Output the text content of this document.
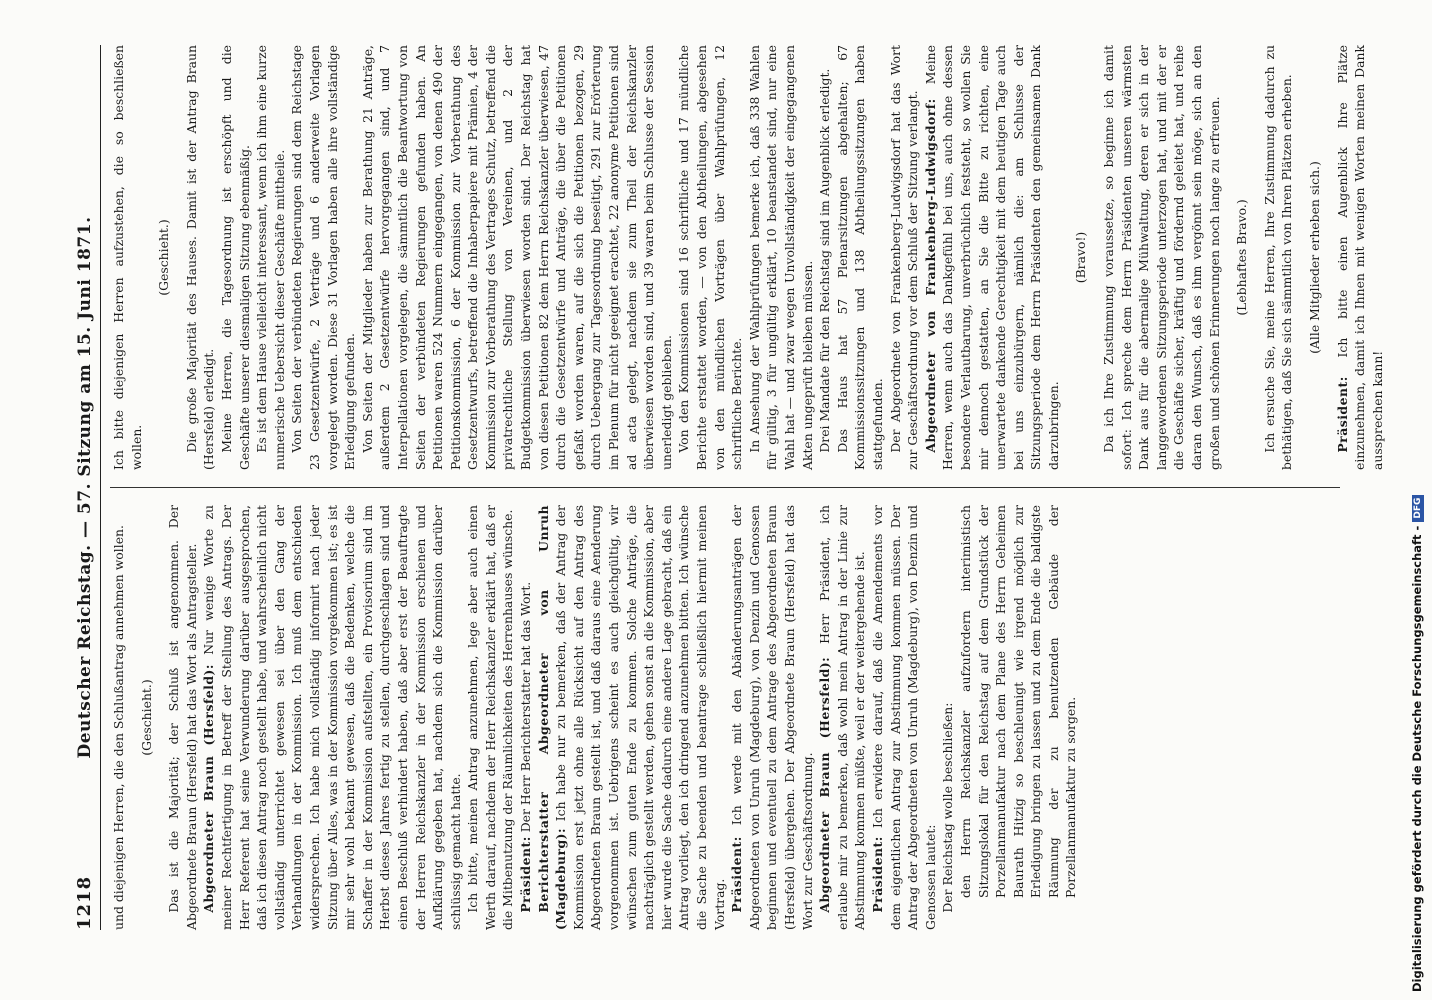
1218
Deutscher Reichstag. — 57. Sitzung am 15. Juni 1871. und diejenigen Herren, die den Schlußantrag annehmen wollen. (Geschieht.) Das ist die Majorität; der Schluß ist angenommen. Der Abgeordnete Braun (Hersfeld) hat das Wort als Antragsteller. Abgeordneter Braun (Hersfeld): Nur wenige Worte zu meiner Rechtfertigung in Betreff der Stellung des Antrags. Der Herr Referent hat seine Verwunderung darüber ausgesprochen, daß ich diesen Antrag noch gestellt habe, und wahrscheinlich nicht vollständig unterrichtet gewesen sei über den Gang der Verhandlungen in der Kommission. Ich muß dem entschieden widersprechen. Ich habe mich vollständig informirt nach jeder Sitzung über Alles, was in der Kommission vorgekommen ist; es ist mir sehr wohl bekannt gewesen, daß die Bedenken, welche die Schaffer in der Kommission aufstellten, ein Provisorium sind im Herbst dieses Jahres fertig zu stellen, durchgeschlagen sind und einen Beschluß verhindert haben, daß aber erst der Beauftragte der Herren Reichskanzler in der Kommission erschienen und Aufklärung gegeben hat, nachdem sich die Kommission darüber schlüssig gemacht hatte. Ich bitte, meinen Antrag anzunehmen, lege aber auch einen Werth darauf, nachdem der Herr Reichskanzler erklärt hat, daß er die Mitbenutzung der Räumlichkeiten des Herrenhauses wünsche. Präsident: Der Herr Berichterstatter hat das Wort. Berichterstatter Abgeordneter von Unruh (Magdeburg): Ich habe nur zu bemerken, daß der Antrag der Kommission erst jetzt ohne alle Rücksicht auf den Antrag des Abgeordneten Braun gestellt ist, und daß daraus eine Aenderung vorgenommen ist. Uebrigens scheint es auch gleichgültig, wir wünschen zum guten Ende zu kommen. Solche Anträge, die nachträglich gestellt werden, gehen sonst an die Kommission, aber hier wurde die Sache dadurch eine andere Lage gebracht, daß ein Antrag vorliegt, den ich dringend anzunehmen bitten. Ich wünsche die Sache zu beenden und beantrage schließlich hiermit meinen Vortrag. Präsident: Ich werde mit den Abänderungsanträgen der Abgeordneten von Unruh (Magdeburg), von Denzin und Genossen beginnen und eventuell zu dem Antrage des Abgeordneten Braun (Hersfeld) übergehen. Der Abgeordnete Braun (Hersfeld) hat das Wort zur Geschäftsordnung. Abgeordneter Braun (Hersfeld): Herr Präsident, ich erlaube mir zu bemerken, daß wohl mein Antrag in der Linie zur Abstimmung kommen müßte, weil er der weitergehende ist. Präsident: Ich erwidere darauf, daß die Amendements vor dem eigentlichen Antrag zur Abstimmung kommen müssen. Der Antrag der Abgeordneten von Unruh (Magdeburg), von Denzin und Genossen lautet: Der Reichstag wolle beschließen: den Herrn Reichskanzler aufzufordern interimistisch Sitzungslokal für den Reichstag auf dem Grundstück der Porzellanmanufaktur nach dem Plane des Herrn Geheimen Baurath Hitzig so beschleunigt wie irgend möglich zur Erledigung bringen zu lassen und zu dem Ende die baldigste Räumung der zu benutzenden Gebäude der Porzellanmanufaktur zu sorgen.

Ich bitte diejenigen Herren aufzustehen, die so beschließen wollen.

(Geschieht.) Die große Majorität des Hauses. Damit ist der Antrag Braun (Hersfeld) erledigt. Meine Herren, die Tagesordnung ist erschöpft und die Geschäfte unserer diesmaligen Sitzung ebenmäßig. Es ist dem Hause vielleicht interessant, wenn ich ihm eine kurze numerische Uebersicht dieser Geschäfte mittheile. Von Seiten der verbündeten Regierungen sind dem Reichstage 23 Gesetzentwürfe, 2 Verträge und 6 anderweite Vorlagen vorgelegt worden. Diese 31 Vorlagen haben alle ihre vollständige Erledigung gefunden. Von Seiten der Mitglieder haben zur Berathung 21 Anträge, außerdem 2 Gesetzentwürfe hervorgegangen sind, und 7 Interpellationen vorgelegen, die sämmtlich die Beantwortung von Seiten der verbündeten Regierungen gefunden haben. An Petitionen waren 524 Nummern eingegangen, von denen 490 der Petitionskommission, 6 der Kommission zur Vorberathung des Gesetzentwurfs, betreffend die Inhaberpapiere mit Prämien, 4 der Kommission zur Vorberathung des Vertrages Schutz, betreffend die privatrechtliche Stellung von Vereinen, und 2 der Budgetkommission überwiesen worden sind. Der Reichstag hat von diesen Petitionen 82 dem Herrn Reichskanzler überwiesen, 47 durch die Gesetzentwürfe und Anträge, die über die Petitionen gefaßt worden waren, auf die sich die Petitionen bezogen, 29 durch Uebergang zur Tagesordnung beseitigt, 291 zur Erörterung im Plenum für nicht geeignet erachtet, 22 anonyme Petitionen sind ad acta gelegt, nachdem sie zum Theil der Reichskanzler überwiesen worden sind, und 39 waren beim Schlusse der Session unerledigt geblieben. Von den Kommissionen sind 16 schriftliche und 17 mündliche Berichte erstattet worden, — von den Abtheilungen, abgesehen von den mündlichen Vorträgen über Wahlprüfungen, 12 schriftliche Berichte. In Ansehung der Wahlprüfungen bemerke ich, daß 338 Wahlen für gültig, 3 für ungültig erklärt, 10 beanstandet sind, nur eine Wahl hat — und zwar wegen Unvollständigkeit der eingegangenen Akten ungeprüft bleiben müssen. Drei Mandate für den Reichstag sind im Augenblick erledigt. Das Haus hat 57 Plenarsitzungen abgehalten; 67 Kommissionssitzungen und 138 Abtheilungssitzungen haben stattgefunden. Der Abgeordnete von Frankenberg-Ludwigsdorf hat das Wort zur Geschäftsordnung vor dem Schluß der Sitzung verlangt. Abgeordneter von Frankenberg-Ludwigsdorf: Meine Herren, wenn auch das Dankgefühl bei uns, auch ohne dessen besondere Verlautbarung, unverbrüchlich feststeht, so wollen Sie mir dennoch gestatten, an Sie die Bitte zu richten, eine unerwartete dankende Gerechtigkeit mit dem heutigen Tage auch bei uns einzubürgern, nämlich die: am Schlusse der Sitzungsperiode dem Herrn Präsidenten den gemeinsamen Dank darzubringen.

(Bravo!) Da ich Ihre Zustimmung voraussetze, so beginne ich damit sofort: Ich spreche dem Herrn Präsidenten unseren wärmsten Dank aus für die abermalige Mühwaltung, deren er sich in der langgewordenen Sitzungsperiode unterzogen hat, und mit der er die Geschäfte sicher, kräftig und fördernd geleitet hat, und reihe daran den Wunsch, daß es ihm vergönnt sein möge, sich an den großen und schönen Erinnerungen noch lange zu erfreuen. (Lebhaftes Bravo.) Ich ersuche Sie, meine Herren, Ihre Zustimmung dadurch zu bethätigen, daß Sie sich sämmtlich von Ihren Plätzen erheben. (Alle Mitglieder erheben sich.)

Präsident: Ich bitte einen Augenblick Ihre Plätze einzunehmen, damit ich Ihnen mit wenigen Worten meinen Dank aussprechen kann!

Digitalisierung gefördert durch die Deutsche Forschungsgemeinschaft -DFG
